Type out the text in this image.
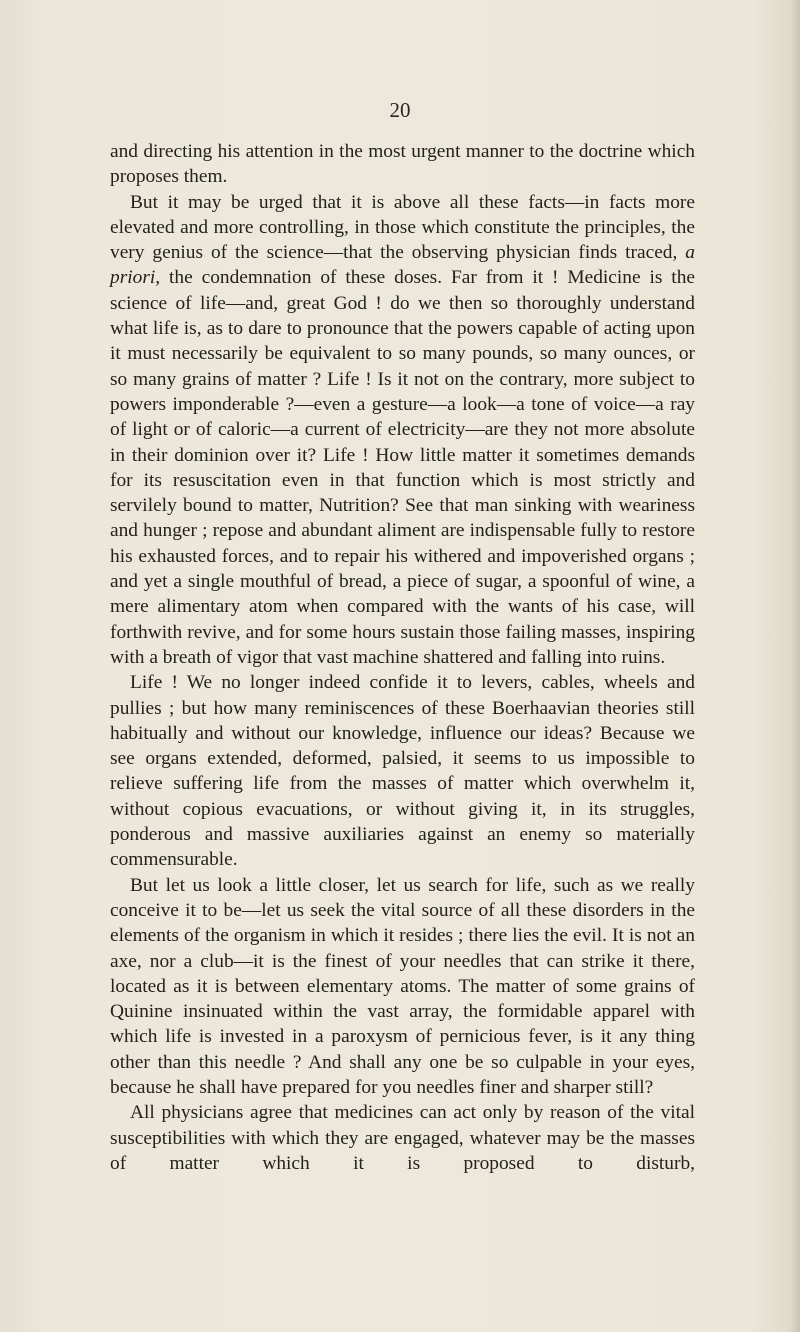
20

and directing his attention in the most urgent manner to the doctrine which proposes them.

But it may be urged that it is above all these facts—in facts more elevated and more controlling, in those which constitute the principles, the very genius of the science—that the observing physician finds traced, a priori, the condemnation of these doses. Far from it ! Medicine is the science of life—and, great God ! do we then so thoroughly understand what life is, as to dare to pronounce that the powers capable of acting upon it must necessarily be equivalent to so many pounds, so many ounces, or so many grains of matter ? Life ! Is it not on the contrary, more subject to powers imponderable ?—even a gesture—a look—a tone of voice—a ray of light or of caloric—a current of electricity—are they not more absolute in their dominion over it? Life ! How little matter it sometimes demands for its resuscitation even in that function which is most strictly and servilely bound to matter, Nutrition? See that man sinking with weariness and hunger ; repose and abundant aliment are indispensable fully to restore his exhausted forces, and to repair his withered and impoverished organs ; and yet a single mouthful of bread, a piece of sugar, a spoonful of wine, a mere alimentary atom when compared with the wants of his case, will forthwith revive, and for some hours sustain those failing masses, inspiring with a breath of vigor that vast machine shattered and falling into ruins.

Life ! We no longer indeed confide it to levers, cables, wheels and pullies ; but how many reminiscences of these Boerhaavian theories still habitually and without our knowledge, influence our ideas? Because we see organs extended, deformed, palsied, it seems to us impossible to relieve suffering life from the masses of matter which overwhelm it, without copious evacuations, or without giving it, in its struggles, ponderous and massive auxiliaries against an enemy so materially commensurable.

But let us look a little closer, let us search for life, such as we really conceive it to be—let us seek the vital source of all these disorders in the elements of the organism in which it resides ; there lies the evil. It is not an axe, nor a club—it is the finest of your needles that can strike it there, located as it is between elementary atoms. The matter of some grains of Quinine insinuated within the vast array, the formidable apparel with which life is invested in a paroxysm of pernicious fever, is it any thing other than this needle ? And shall any one be so culpable in your eyes, because he shall have prepared for you needles finer and sharper still?

All physicians agree that medicines can act only by reason of the vital susceptibilities with which they are engaged, whatever may be the masses of matter which it is proposed to disturb,
